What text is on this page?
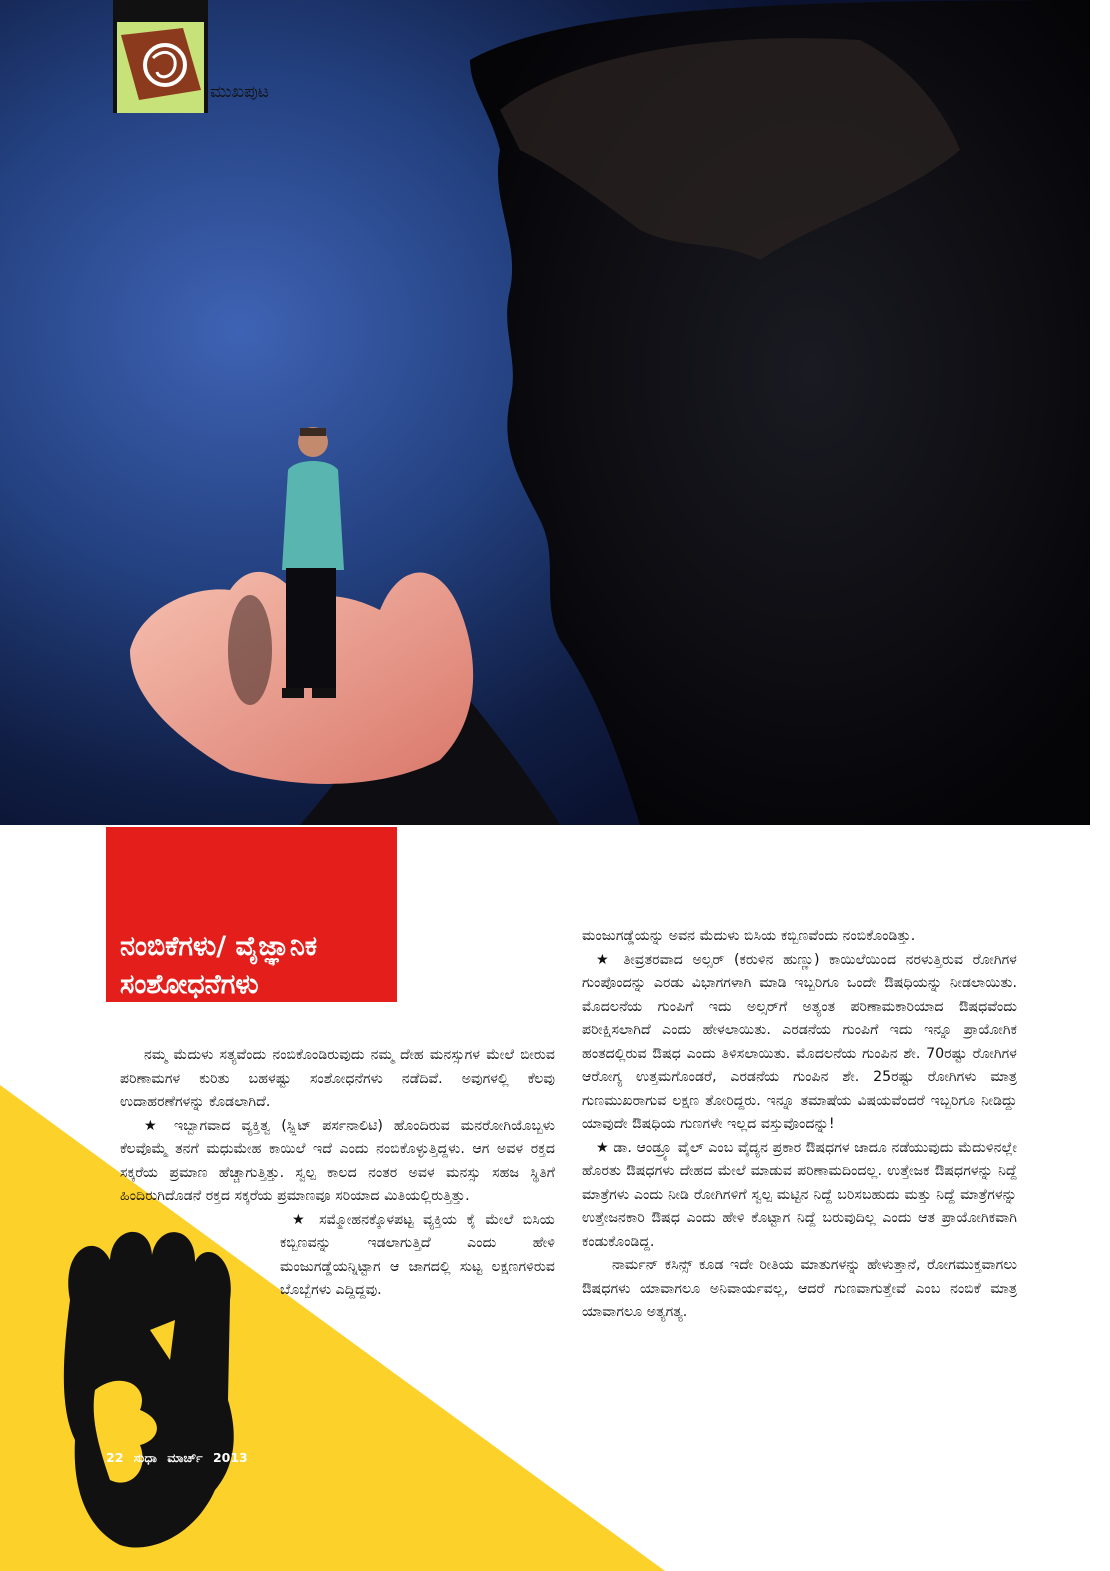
ಮುಖಪುಟ
ನಂಬಿಕೆಗಳು/ ವೈಜ್ಞಾನಿಕ
ಸಂಶೋಧನೆಗಳು

ನಮ್ಮ ಮೆದುಳು ಸತ್ಯವೆಂದು ನಂಬಿಕೊಂಡಿರುವುದು ನಮ್ಮ ದೇಹ ಮನಸ್ಸುಗಳ ಮೇಲೆ ಬೀರುವ ಪರಿಣಾಮಗಳ ಕುರಿತು ಬಹಳಷ್ಟು ಸಂಶೋಧನೆಗಳು ನಡೆದಿವೆ. ಅವುಗಳಲ್ಲಿ ಕೆಲವು ಉದಾಹರಣೆಗಳನ್ನು ಕೊಡಲಾಗಿದೆ.

★ ಇಬ್ಬಾಗವಾದ ವ್ಯಕ್ತಿತ್ವ (ಸ್ಪ್ಲಿಟ್ ಪರ್ಸನಾಲಿಟಿ) ಹೊಂದಿರುವ ಮನರೋಗಿಯೊಬ್ಬಳು ಕೆಲವೊಮ್ಮೆ ತನಗೆ ಮಧುಮೇಹ ಕಾಯಿಲೆ ಇದೆ ಎಂದು ನಂಬಿಕೊಳ್ಳುತ್ತಿದ್ದಳು. ಆಗ ಅವಳ ರಕ್ತದ ಸಕ್ಕರೆಯ ಪ್ರಮಾಣ ಹೆಚ್ಚಾಗುತ್ತಿತ್ತು. ಸ್ವಲ್ಪ ಕಾಲದ ನಂತರ ಅವಳ ಮನಸ್ಸು ಸಹಜ ಸ್ಥಿತಿಗೆ ಹಿಂದಿರುಗಿದೊಡನೆ ರಕ್ತದ ಸಕ್ಕರೆಯ ಪ್ರಮಾಣವೂ ಸರಿಯಾದ ಮಿತಿಯಲ್ಲಿರುತ್ತಿತ್ತು.

★ ಸಮ್ಮೋಹನಕ್ಕೊಳಪಟ್ಟ ವ್ಯಕ್ತಿಯ ಕೈ ಮೇಲೆ ಬಿಸಿಯ ಕಬ್ಬಿಣವನ್ನು ಇಡಲಾಗುತ್ತಿದೆ ಎಂದು ಹೇಳಿ ಮಂಜುಗಡ್ಡೆಯನ್ನಿಟ್ಟಾಗ ಆ ಜಾಗದಲ್ಲಿ ಸುಟ್ಟ ಲಕ್ಷಣಗಳಿರುವ ಬೊಬ್ಬೆಗಳು ಎದ್ದಿದ್ದವು.

ಮಂಜುಗಡ್ಡೆಯನ್ನು ಅವನ ಮೆದುಳು ಬಿಸಿಯ ಕಬ್ಬಿಣವೆಂದು ನಂಬಿಕೊಂಡಿತ್ತು.

★ ತೀವ್ರತರವಾದ ಅಲ್ಸರ್ (ಕರುಳಿನ ಹುಣ್ಣು) ಕಾಯಿಲೆಯಿಂದ ನರಳುತ್ತಿರುವ ರೋಗಿಗಳ ಗುಂಪೊಂದನ್ನು ಎರಡು ವಿಭಾಗಗಳಾಗಿ ಮಾಡಿ ಇಬ್ಬರಿಗೂ ಒಂದೇ ಔಷಧಿಯನ್ನು ನೀಡಲಾಯಿತು. ಮೊದಲನೆಯ ಗುಂಪಿಗೆ ಇದು ಅಲ್ಸರ್‌ಗೆ ಅತ್ಯಂತ ಪರಿಣಾಮಕಾರಿಯಾದ ಔಷಧವೆಂದು ಪರೀಕ್ಷಿಸಲಾಗಿದೆ ಎಂದು ಹೇಳಲಾಯಿತು. ಎರಡನೆಯ ಗುಂಪಿಗೆ ಇದು ಇನ್ನೂ ಪ್ರಾಯೋಗಿಕ ಹಂತದಲ್ಲಿರುವ ಔಷಧ ಎಂದು ತಿಳಿಸಲಾಯಿತು. ಮೊದಲನೆಯ ಗುಂಪಿನ ಶೇ. 70ರಷ್ಟು ರೋಗಿಗಳ ಆರೋಗ್ಯ ಉತ್ತಮಗೊಂಡರೆ, ಎರಡನೆಯ ಗುಂಪಿನ ಶೇ. 25ರಷ್ಟು ರೋಗಿಗಳು ಮಾತ್ರ ಗುಣಮುಖರಾಗುವ ಲಕ್ಷಣ ತೋರಿದ್ದರು. ಇನ್ನೂ ತಮಾಷೆಯ ವಿಷಯವೆಂದರೆ ಇಬ್ಬರಿಗೂ ನೀಡಿದ್ದು ಯಾವುದೇ ಔಷಧಿಯ ಗುಣಗಳೇ ಇಲ್ಲದ ವಸ್ತುವೊಂದನ್ನು!

★ ಡಾ. ಆಂಡ್ರ್ಯೂ ವೈಲ್ ಎಂಬ ವೈದ್ಯನ ಪ್ರಕಾರ ಔಷಧಗಳ ಜಾದೂ ನಡೆಯುವುದು ಮೆದುಳಿನಲ್ಲೇ ಹೊರತು ಔಷಧಗಳು ದೇಹದ ಮೇಲೆ ಮಾಡುವ ಪರಿಣಾಮದಿಂದಲ್ಲ. ಉತ್ತೇಜಕ ಔಷಧಗಳನ್ನು ನಿದ್ದೆ ಮಾತ್ರೆಗಳು ಎಂದು ನೀಡಿ ರೋಗಿಗಳಿಗೆ ಸ್ವಲ್ಪ ಮಟ್ಟಿನ ನಿದ್ದೆ ಬರಿಸಬಹುದು ಮತ್ತು ನಿದ್ದೆ ಮಾತ್ರೆಗಳನ್ನು ಉತ್ತೇಜನಕಾರಿ ಔಷಧ ಎಂದು ಹೇಳಿ ಕೊಟ್ಟಾಗ ನಿದ್ದೆ ಬರುವುದಿಲ್ಲ ಎಂದು ಆತ ಪ್ರಾಯೋಗಿಕವಾಗಿ ಕಂಡುಕೊಂಡಿದ್ದ.

ನಾರ್ಮನ್ ಕಸಿನ್ಸ್ ಕೂಡ ಇದೇ ರೀತಿಯ ಮಾತುಗಳನ್ನು ಹೇಳುತ್ತಾನೆ, ರೋಗಮುಕ್ತವಾಗಲು ಔಷಧಗಳು ಯಾವಾಗಲೂ ಅನಿವಾರ್ಯವಲ್ಲ, ಆದರೆ ಗುಣವಾಗುತ್ತೇವೆ ಎಂಬ ನಂಬಿಕೆ ಮಾತ್ರ ಯಾವಾಗಲೂ ಅತ್ಯಗತ್ಯ.

22 ಸುಧಾ ಮಾರ್ಚ್ 2013
